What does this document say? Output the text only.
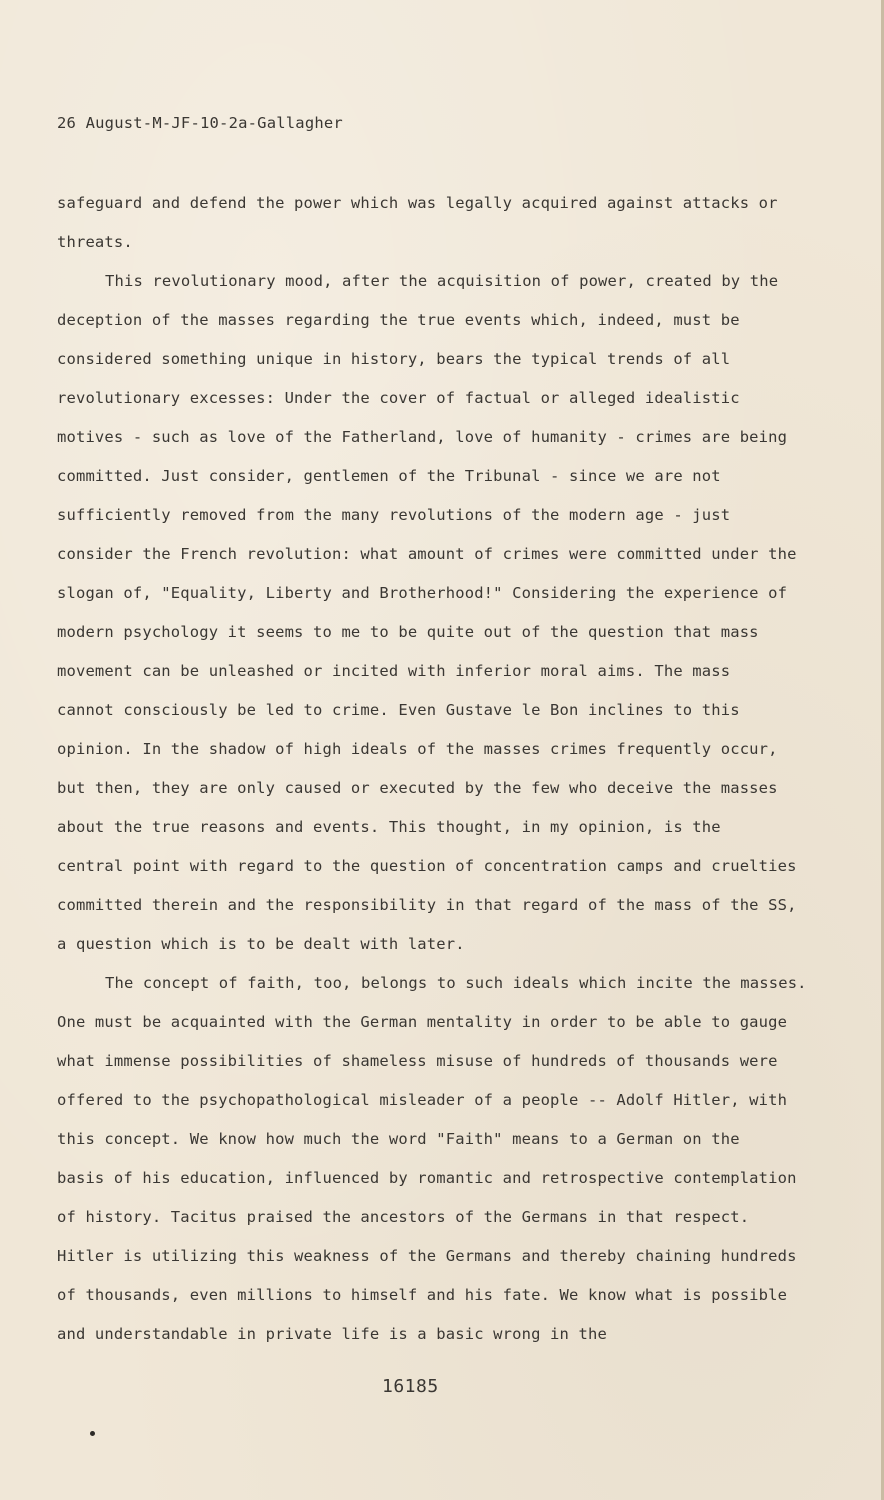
26 August-M-JF-10-2a-Gallagher
safeguard and defend the power which was legally acquired against attacks or
threats.
This revolutionary mood, after the acquisition of power, created by the
deception of the masses regarding the true events which, indeed, must be
considered something unique in history, bears the typical trends of all
revolutionary excesses: Under the cover of factual or alleged idealistic
motives - such as love of the Fatherland, love of humanity - crimes are being
committed. Just consider, gentlemen of the Tribunal - since we are not
sufficiently removed from the many revolutions of the modern age - just
consider the French revolution: what amount of crimes were committed under the
slogan of, "Equality, Liberty and Brotherhood!" Considering the experience of
modern psychology it seems to me to be quite out of the question that mass
movement can be unleashed or incited with inferior moral aims. The mass
cannot consciously be led to crime. Even Gustave le Bon inclines to this
opinion. In the shadow of high ideals of the masses crimes frequently occur,
but then, they are only caused or executed by the few who deceive the masses
about the true reasons and events. This thought, in my opinion, is the
central point with regard to the question of concentration camps and cruelties
committed therein and the responsibility in that regard of the mass of the SS,
a question which is to be dealt with later.
The concept of faith, too, belongs to such ideals which incite the masses.
One must be acquainted with the German mentality in order to be able to gauge
what immense possibilities of shameless misuse of hundreds of thousands were
offered to the psychopathological misleader of a people -- Adolf Hitler, with
this concept. We know how much the word "Faith" means to a German on the
basis of his education, influenced by romantic and retrospective contemplation
of history. Tacitus praised the ancestors of the Germans in that respect.
Hitler is utilizing this weakness of the Germans and thereby chaining hundreds
of thousands, even millions to himself and his fate. We know what is possible
and understandable in private life is a basic wrong in the
16185
